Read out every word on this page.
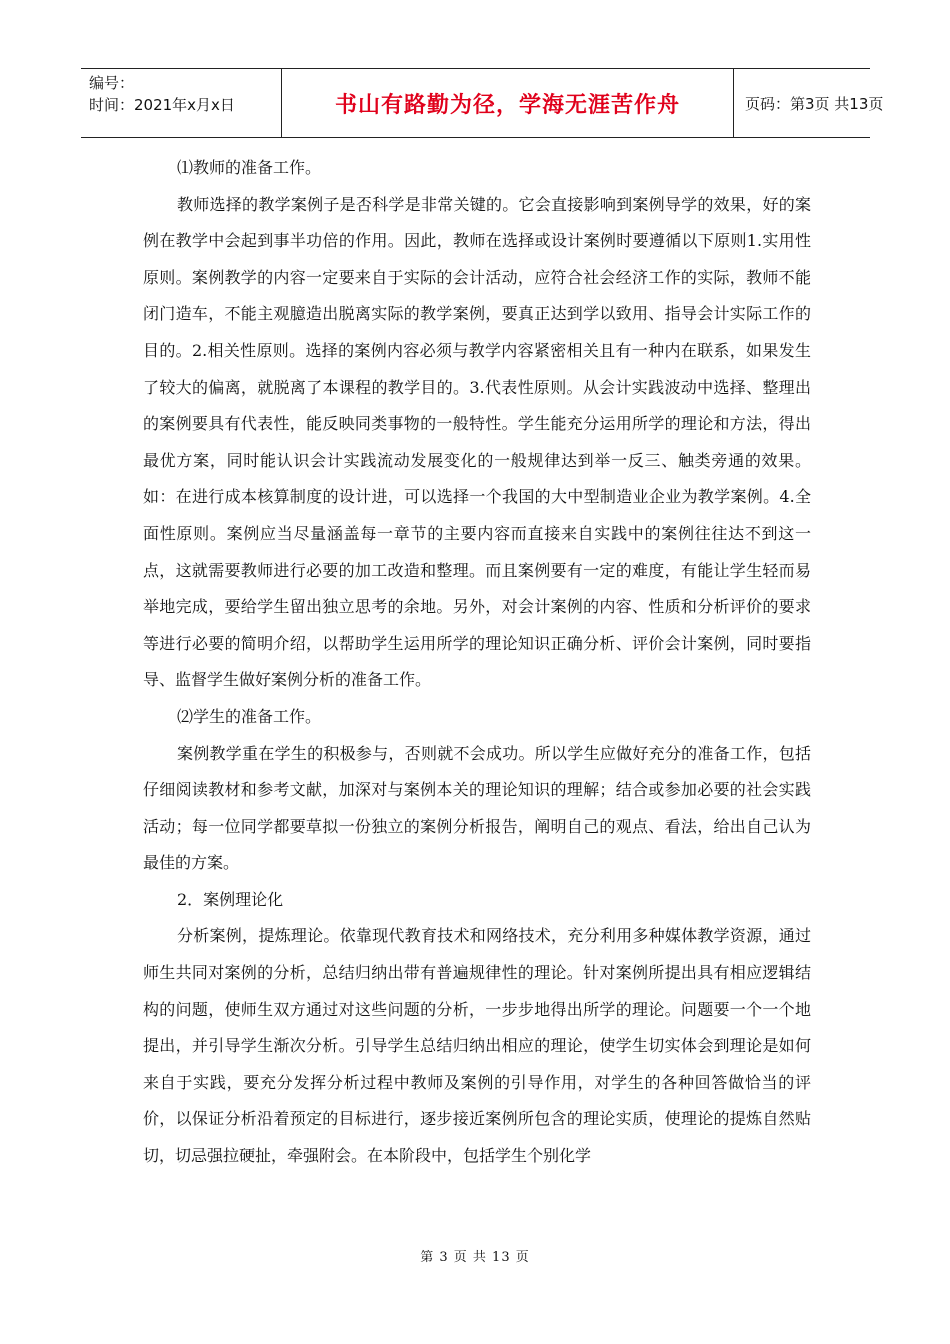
编号：
时间：2021年x月x日	书山有路勤为径，学海无涯苦作舟	页码：第3页 共13页

⑴教师的准备工作。

教师选择的教学案例子是否科学是非常关键的。它会直接影响到案例导学的效果，好的案例在教学中会起到事半功倍的作用。因此，教师在选择或设计案例时要遵循以下原则1.实用性原则。案例教学的内容一定要来自于实际的会计活动，应符合社会经济工作的实际，教师不能闭门造车，不能主观臆造出脱离实际的教学案例，要真正达到学以致用、指导会计实际工作的目的。2.相关性原则。选择的案例内容必须与教学内容紧密相关且有一种内在联系，如果发生了较大的偏离，就脱离了本课程的教学目的。3.代表性原则。从会计实践波动中选择、整理出的案例要具有代表性，能反映同类事物的一般特性。学生能充分运用所学的理论和方法，得出最优方案，同时能认识会计实践流动发展变化的一般规律达到举一反三、触类旁通的效果。如：在进行成本核算制度的设计进，可以选择一个我国的大中型制造业企业为教学案例。4.全面性原则。案例应当尽量涵盖每一章节的主要内容而直接来自实践中的案例往往达不到这一点，这就需要教师进行必要的加工改造和整理。而且案例要有一定的难度，有能让学生轻而易举地完成，要给学生留出独立思考的余地。另外，对会计案例的内容、性质和分析评价的要求等进行必要的简明介绍，以帮助学生运用所学的理论知识正确分析、评价会计案例，同时要指导、监督学生做好案例分析的准备工作。

⑵学生的准备工作。

案例教学重在学生的积极参与，否则就不会成功。所以学生应做好充分的准备工作，包括仔细阅读教材和参考文献，加深对与案例本关的理论知识的理解；结合或参加必要的社会实践活动；每一位同学都要草拟一份独立的案例分析报告，阐明自己的观点、看法，给出自己认为最佳的方案。

2．案例理论化

分析案例，提炼理论。依靠现代教育技术和网络技术，充分利用多种媒体教学资源，通过师生共同对案例的分析，总结归纳出带有普遍规律性的理论。针对案例所提出具有相应逻辑结构的问题，使师生双方通过对这些问题的分析，一步步地得出所学的理论。问题要一个一个地提出，并引导学生渐次分析。引导学生总结归纳出相应的理论，使学生切实体会到理论是如何来自于实践，要充分发挥分析过程中教师及案例的引导作用，对学生的各种回答做恰当的评价，以保证分析沿着预定的目标进行，逐步接近案例所包含的理论实质，使理论的提炼自然贴切，切忌强拉硬扯，牵强附会。在本阶段中，包括学生个别化学

第 3 页 共 13 页
